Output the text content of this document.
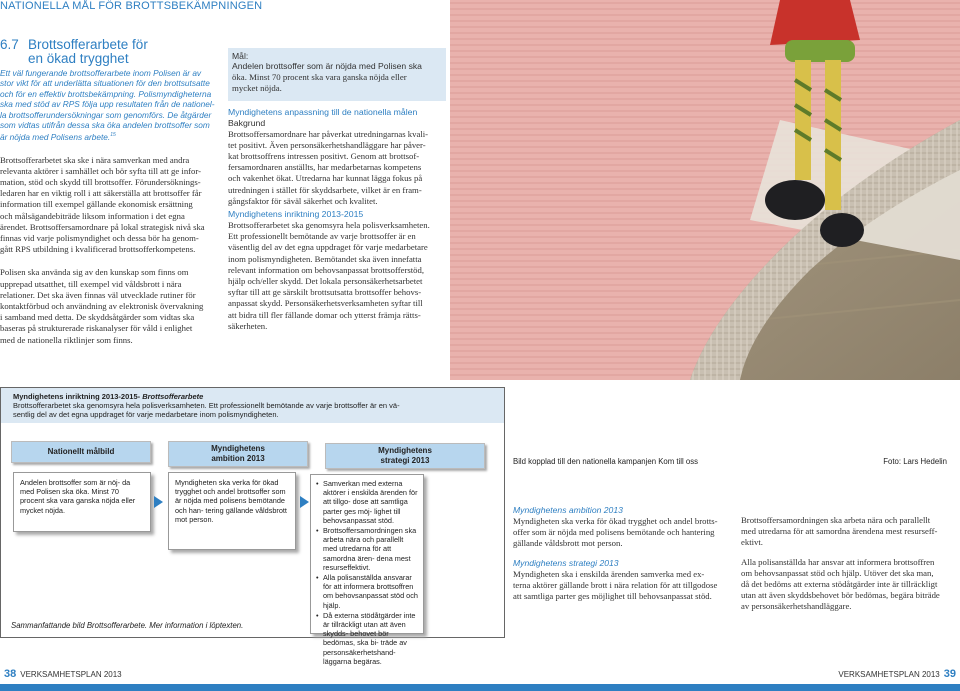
NATIONELLA MÅL FÖR BROTTSBEKÄMPNINGEN
6.7 Brottsofferarbete för
en ökad trygghet
Ett väl fungerande brottsofferarbete inom Polisen är av
stor vikt för att underlätta situationen för den brottsutsatte
och för en effektiv brottsbekämpning. Polismyndigheterna
ska med stöd av RPS följa upp resultaten från de nationel-
la brottsofferundersökningar som genomförs. De åtgärder
som vidtas utifrån dessa ska öka andelen brottsoffer som
är nöjda med Polisens arbete.$^{15}$
Brottsofferarbetet ska ske i nära samverkan med andra
relevanta aktörer i samhället och bör syfta till att ge infor-
mation, stöd och skydd till brottsoffer. Förundersöknings-
ledaren har en viktig roll i att säkerställa att brottsoffer får
information till exempel gällande ekonomisk ersättning
och målsägandebiträde liksom information i det egna
ärendet. Brottsoffersamordnare på lokal strategisk nivå ska
finnas vid varje polismyndighet och dessa bör ha genom-
gått RPS utbildning i kvalificerad brottsofferkompetens.
Polisen ska använda sig av den kunskap som finns om
upprepad utsatthet, till exempel vid våldsbrott i nära
relationer. Det ska även finnas väl utvecklade rutiner för
kontaktförbud och användning av elektronisk övervakning
i samband med detta. De skyddsåtgärder som vidtas ska
baseras på strukturerade riskanalyser för våld i enlighet
med de nationella riktlinjer som finns.
Mål:
Andelen brottsoffer som är nöjda med Polisen ska
öka. Minst 70 procent ska vara ganska nöjda eller
mycket nöjda.
Myndighetens anpassning till de nationella målen
Bakgrund
Brottsoffersamordnare har påverkat utredningarnas kvali-
tet positivt. Även personsäkerhetshandläggare har påver-
kat brottsoffrens intressen positivt. Genom att brottsof-
fersamordnaren anställts, har medarbetarnas kompetens
och vakenhet ökat. Utredarna har kunnat lägga fokus på
utredningen i stället för skyddsarbete, vilket är en fram-
gångsfaktor för säväl säkerhet och kvalitet.
Myndighetens inriktning 2013-2015
Brottsofferarbetet ska genomsyra hela polisverksamheten.
Ett professionellt bemötande av varje brottsoffer är en
väsentlig del av det egna uppdraget för varje medarbetare
inom polismyndigheten. Bemötandet ska även innefatta
relevant information om behovsanpassat brottsofferstöd,
hjälp och/eller skydd. Det lokala personsäkerhetsarbetet
syftar till att ge särskilt brottsutsatta brottsoffer behovs-
anpassat skydd. Personsäkerhetsverksamheten syftar till
att bidra till fler fällande domar och ytterst främja rätts-
säkerheten.
Myndighetens inriktning 2013-2015- Brottsofferarbete
Brottsofferarbetet ska genomsyra hela polisverksamheten. Ett professionellt bemötande av varje brottsoffer är en vä-
sentlig del av det egna uppdraget för varje medarbetare inom polismyndigheten.
Nationellt målbild	Myndighetens
ambition 2013
Myndighetens
strategi 2013
Andelen brottsoffer som är nöj- da med Polisen ska öka. Minst 70 procent ska vara ganska nöjda eller mycket nöjda.
Myndigheten ska verka för ökad trygghet och andel brottsoffer som är nöjda med polisens bemötande och han- tering gällande våldsbrott mot person.
• Samverkan med externa aktörer i enskilda ärenden för att tillgo- dose att samtliga parter ges möj- lighet till behovsanpassat stöd.
• Brottsoffersamordningen ska arbeta nära och parallellt med utredarna för att samordna ären- dena mest resurseffektivt.
• Alla polisanställda ansvarar för att informera brottsoffren om behovsanpassat stöd och hjälp.
• Då externa stödåtgärder inte är tillräckligt utan att även skydds- behovet bör bedömas, ska bi- träde av personsäkerhetshand- läggarna begäras.
Sammanfattande bild Brottsofferarbete. Mer information i löptexten.
Bild kopplad till den nationella kampanjen Kom till oss	Foto: Lars Hedelin
Myndighetens ambition 2013
Myndigheten ska verka för ökad trygghet och andel brotts-
offer som är nöjda med polisens bemötande och hantering
gällande våldsbrott mot person.
Myndighetens strategi 2013
Myndigheten ska i enskilda ärenden samverka med ex-
terna aktörer gällande brott i nära relation för att tillgodose
att samtliga parter ges möjlighet till behovsanpassat stöd.
Brottsoffersamordningen ska arbeta nära och parallellt
med utredarna för att samordna ärendena mest resurseff-
ektivt.
Alla polisanställda har ansvar att informera brottsoffren
om behovsanpassat stöd och hjälp. Utöver det ska man,
då det bedöms att externa stödåtgärder inte är tillräckligt
utan att även skyddsbehovet bör bedömas, begära biträde
av personsäkerhetshandläggare.
38 VERKSAMHETSPLAN 2013	VERKSAMHETSPLAN 2013 39
